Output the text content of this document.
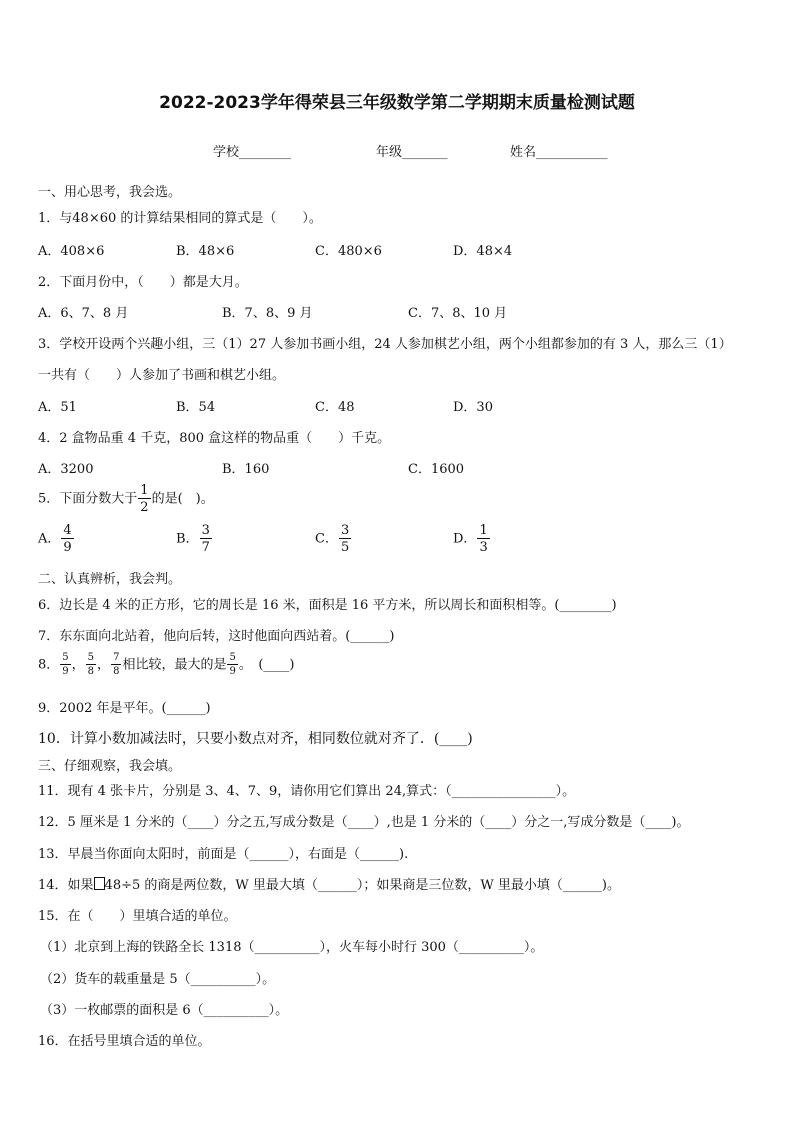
2022-2023学年得荣县三年级数学第二学期期末质量检测试题
学校________	年级_______	姓名___________
一、用心思考，我会选。
1．与48×60 的计算结果相同的算式是（　　）。
A．408×6	B．48×6	C．480×6	D．48×4
2．下面月份中，（　　）都是大月。
A．6、7、8 月	B．7、8、9 月	C．7、8、10 月
3．学校开设两个兴趣小组，三（1）27 人参加书画小组，24 人参加棋艺小组，两个小组都参加的有 3 人，那么三（1）
一共有（　　）人参加了书画和棋艺小组。
A．51	B．54	C．48	D．30
4．2 盒物品重 4 千克，800 盒这样的物品重（　　）千克。
A．3200	B．160	C．1600
5．下面分数大于 $\frac{1}{2}$ 的是(　)。
A． $\frac{4}{9}$	B． $\frac{3}{7}$	C． $\frac{3}{5}$	D． $\frac{1}{3}$
二、认真辨析，我会判。
6．边长是 4 米的正方形，它的周长是 16 米，面积是 16 平方米，所以周长和面积相等。(________)
7．东东面向北站着，他向后转，这时他面向西站着。(______)
8． $\frac{5}{9}$ ， $\frac{5}{8}$ ， $\frac{7}{8}$ 相比较，最大的是 $\frac{5}{9}$ 。　(____)
9．2002 年是平年。(______)
10．计算小数加减法时，只要小数点对齐，相同数位就对齐了．(____)
三、仔细观察，我会填。
11．现有 4 张卡片，分别是 3、4、7、9，请你用它们算出 24,算式：（________________）。
12．5 厘米是 1 分米的（____）分之五,写成分数是（____）,也是 1 分米的（____）分之一,写成分数是（____)。
13．早晨当你面向太阳时，前面是（______），右面是（______).
14．如果 48÷5 的商是两位数，W 里最大填（______）；如果商是三位数，W 里最小填（______)。
15．在（　　）里填合适的单位。
（1）北京到上海的铁路全长 1318（__________），火车每小时行 300（__________）。
（2）货车的载重量是 5（__________）。
（3）一枚邮票的面积是 6（__________）。
16．在括号里填合适的单位。
